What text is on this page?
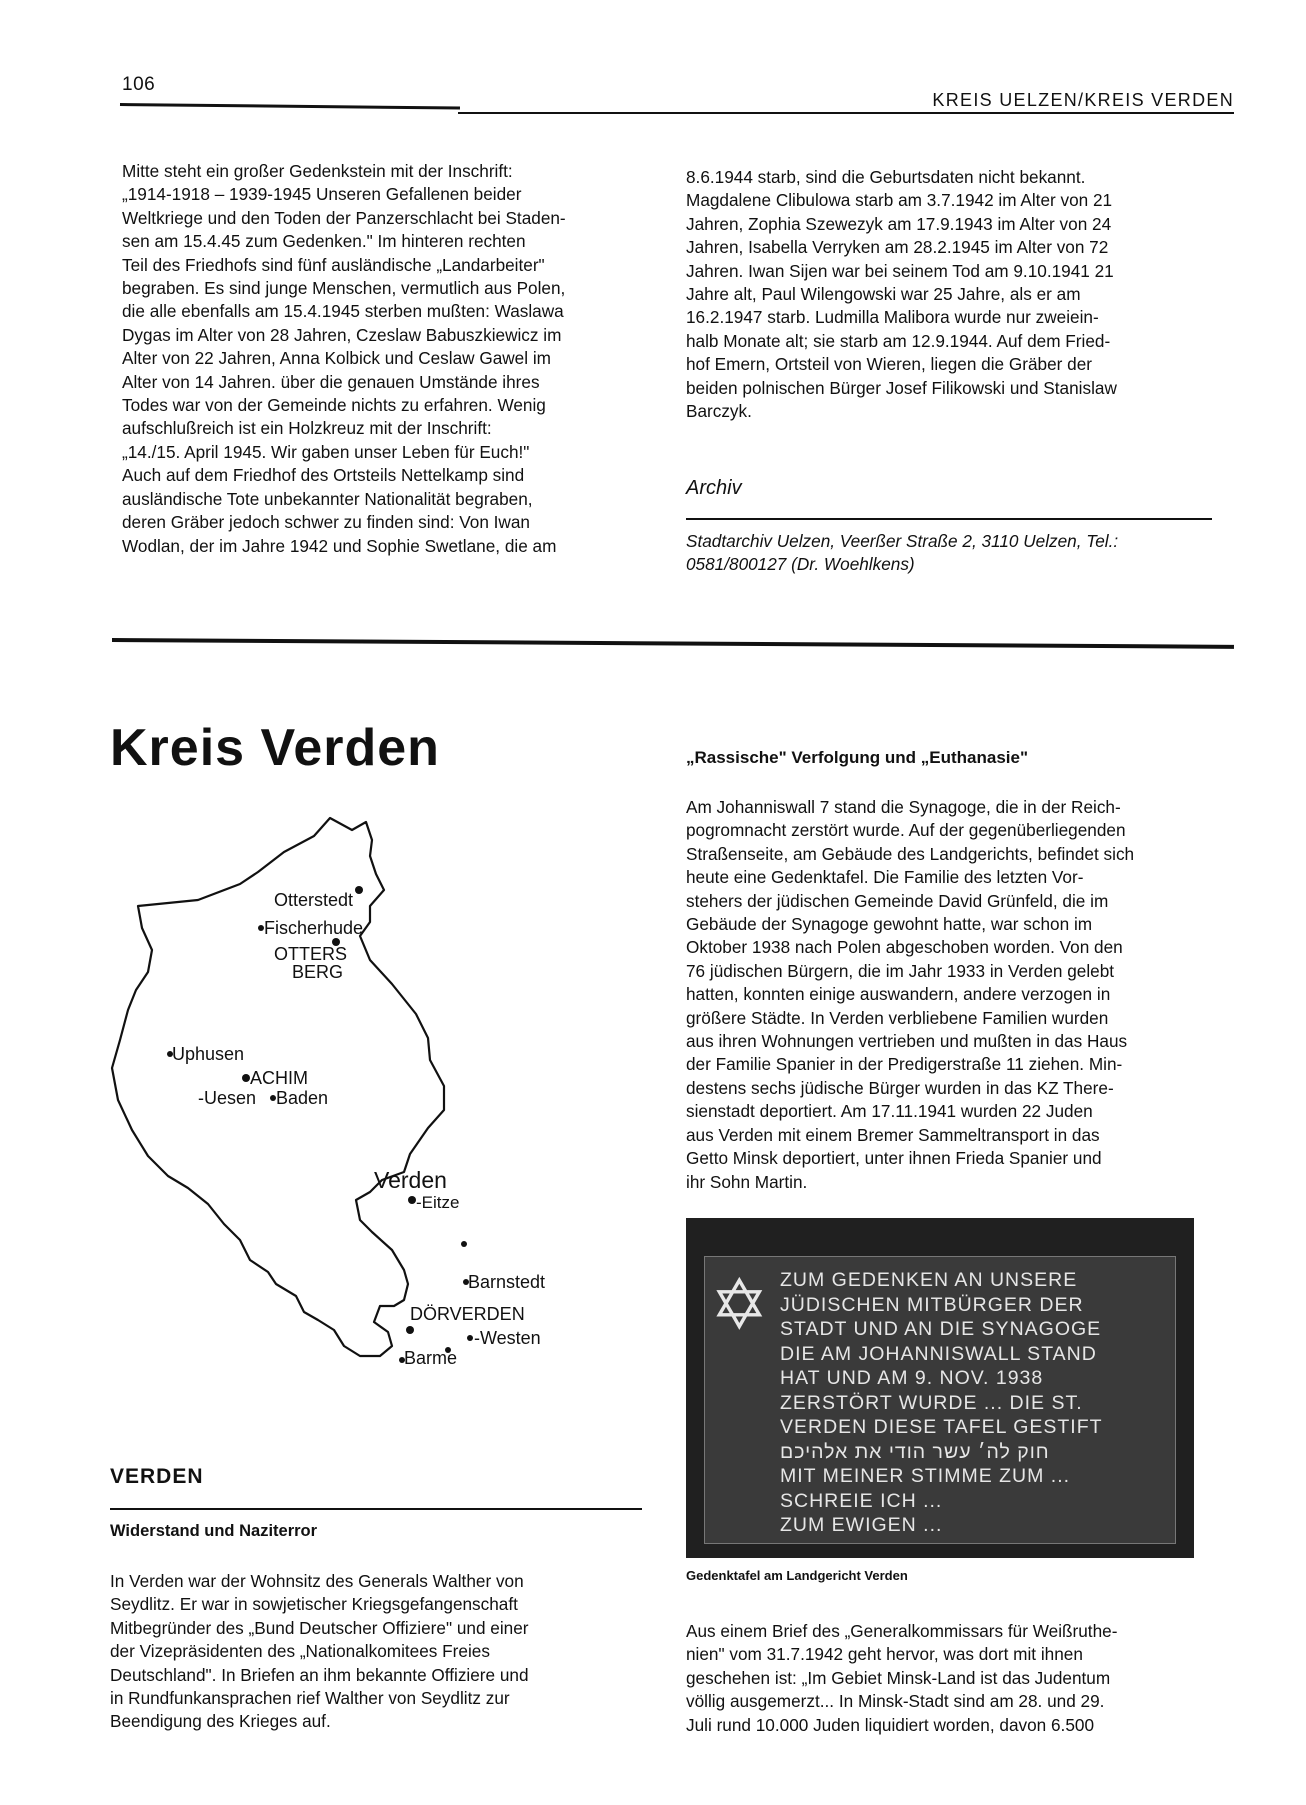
106
KREIS UELZEN/KREIS VERDEN

Mitte steht ein großer Gedenkstein mit der Inschrift:

„1914-1918 – 1939-1945 Unseren Gefallenen beider

Weltkriege und den Toden der Panzerschlacht bei Staden-

sen am 15.4.45 zum Gedenken." Im hinteren rechten

Teil des Friedhofs sind fünf ausländische „Landarbeiter"

begraben. Es sind junge Menschen, vermutlich aus Polen,

die alle ebenfalls am 15.4.1945 sterben mußten: Waslawa

Dygas im Alter von 28 Jahren, Czeslaw Babuszkiewicz im

Alter von 22 Jahren, Anna Kolbick und Ceslaw Gawel im

Alter von 14 Jahren. über die genauen Umstände ihres

Todes war von der Gemeinde nichts zu erfahren. Wenig

aufschlußreich ist ein Holzkreuz mit der Inschrift:

„14./15. April 1945. Wir gaben unser Leben für Euch!"

Auch auf dem Friedhof des Ortsteils Nettelkamp sind

ausländische Tote unbekannter Nationalität begraben,

deren Gräber jedoch schwer zu finden sind: Von Iwan

Wodlan, der im Jahre 1942 und Sophie Swetlane, die am

8.6.1944 starb, sind die Geburtsdaten nicht bekannt.

Magdalene Clibulowa starb am 3.7.1942 im Alter von 21

Jahren, Zophia Szewezyk am 17.9.1943 im Alter von 24

Jahren, Isabella Verryken am 28.2.1945 im Alter von 72

Jahren. Iwan Sijen war bei seinem Tod am 9.10.1941 21

Jahre alt, Paul Wilengowski war 25 Jahre, als er am

16.2.1947 starb. Ludmilla Malibora wurde nur zweiein-

halb Monate alt; sie starb am 12.9.1944. Auf dem Fried-

hof Emern, Ortsteil von Wieren, liegen die Gräber der

beiden polnischen Bürger Josef Filikowski und Stanislaw

Barczyk.

Archiv
Stadtarchiv Uelzen, Veerßer Straße 2, 3110 Uelzen, Tel.:
0581/800127 (Dr. Woehlkens)
Kreis Verden
Otterstedt
Fischerhude
OTTERS
BERG
Uphusen
ACHIM
-Uesen Baden
Verden
-Eitze
Barnstedt
DÖRVERDEN
-Westen
Barme
VERDEN
Widerstand und Naziterror

In Verden war der Wohnsitz des Generals Walther von

Seydlitz. Er war in sowjetischer Kriegsgefangenschaft

Mitbegründer des „Bund Deutscher Offiziere" und einer

der Vizepräsidenten des „Nationalkomitees Freies

Deutschland". In Briefen an ihm bekannte Offiziere und

in Rundfunkansprachen rief Walther von Seydlitz zur

Beendigung des Krieges auf.

„Rassische" Verfolgung und „Euthanasie"

Am Johanniswall 7 stand die Synagoge, die in der Reich-

pogromnacht zerstört wurde. Auf der gegenüberliegenden

Straßenseite, am Gebäude des Landgerichts, befindet sich

heute eine Gedenktafel. Die Familie des letzten Vor-

stehers der jüdischen Gemeinde David Grünfeld, die im

Gebäude der Synagoge gewohnt hatte, war schon im

Oktober 1938 nach Polen abgeschoben worden. Von den

76 jüdischen Bürgern, die im Jahr 1933 in Verden gelebt

hatten, konnten einige auswandern, andere verzogen in

größere Städte. In Verden verbliebene Familien wurden

aus ihren Wohnungen vertrieben und mußten in das Haus

der Familie Spanier in der Predigerstraße 11 ziehen. Min-

destens sechs jüdische Bürger wurden in das KZ There-

sienstadt deportiert. Am 17.11.1941 wurden 22 Juden

aus Verden mit einem Bremer Sammeltransport in das

Getto Minsk deportiert, unter ihnen Frieda Spanier und

ihr Sohn Martin.

✡ ZUM GEDENKEN AN UNSERE
JÜDISCHEN MITBÜRGER DER
STADT UND AN DIE SYNAGOGE
DIE AM JOHANNISWALL STAND
HAT UND AM 9. NOV. 1938
ZERSTÖRT WURDE ... DIE ST.
VERDEN DIESE TAFEL GESTIFT
חוק לה׳ עשר הודי את אלהיכם
MIT MEINER STIMME ZUM ...
SCHREIE ICH ...
ZUM EWIGEN ...
Gedenktafel am Landgericht Verden

Aus einem Brief des „Generalkommissars für Weißruthe-

nien" vom 31.7.1942 geht hervor, was dort mit ihnen

geschehen ist: „Im Gebiet Minsk-Land ist das Judentum

völlig ausgemerzt... In Minsk-Stadt sind am 28. und 29.

Juli rund 10.000 Juden liquidiert worden, davon 6.500
